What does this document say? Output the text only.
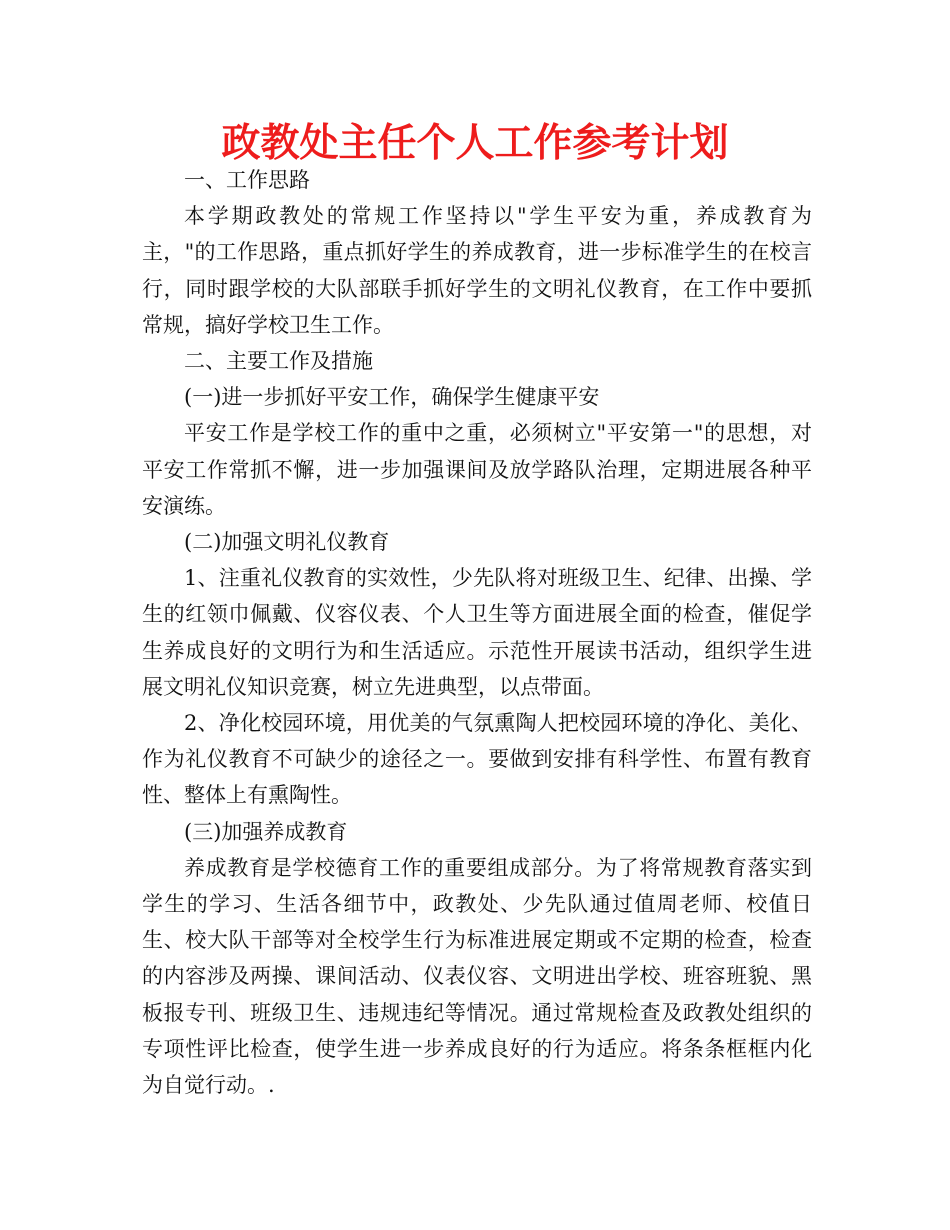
政教处主任个人工作参考计划

一、工作思路

本学期政教处的常规工作坚持以"学生平安为重，养成教育为主，"的工作思路，重点抓好学生的养成教育，进一步标准学生的在校言行，同时跟学校的大队部联手抓好学生的文明礼仪教育，在工作中要抓常规，搞好学校卫生工作。

二、主要工作及措施

(一)进一步抓好平安工作，确保学生健康平安

平安工作是学校工作的重中之重，必须树立"平安第一"的思想，对平安工作常抓不懈，进一步加强课间及放学路队治理，定期进展各种平安演练。

(二)加强文明礼仪教育

1、注重礼仪教育的实效性，少先队将对班级卫生、纪律、出操、学生的红领巾佩戴、仪容仪表、个人卫生等方面进展全面的检查，催促学生养成良好的文明行为和生活适应。示范性开展读书活动，组织学生进展文明礼仪知识竞赛，树立先进典型，以点带面。

2、净化校园环境，用优美的气氛熏陶人把校园环境的净化、美化、作为礼仪教育不可缺少的途径之一。要做到安排有科学性、布置有教育性、整体上有熏陶性。

(三)加强养成教育

养成教育是学校德育工作的重要组成部分。为了将常规教育落实到学生的学习、生活各细节中，政教处、少先队通过值周老师、校值日生、校大队干部等对全校学生行为标准进展定期或不定期的检查，检查的内容涉及两操、课间活动、仪表仪容、文明进出学校、班容班貌、黑板报专刊、班级卫生、违规违纪等情况。通过常规检查及政教处组织的专项性评比检查，使学生进一步养成良好的行为适应。将条条框框内化为自觉行动。.
